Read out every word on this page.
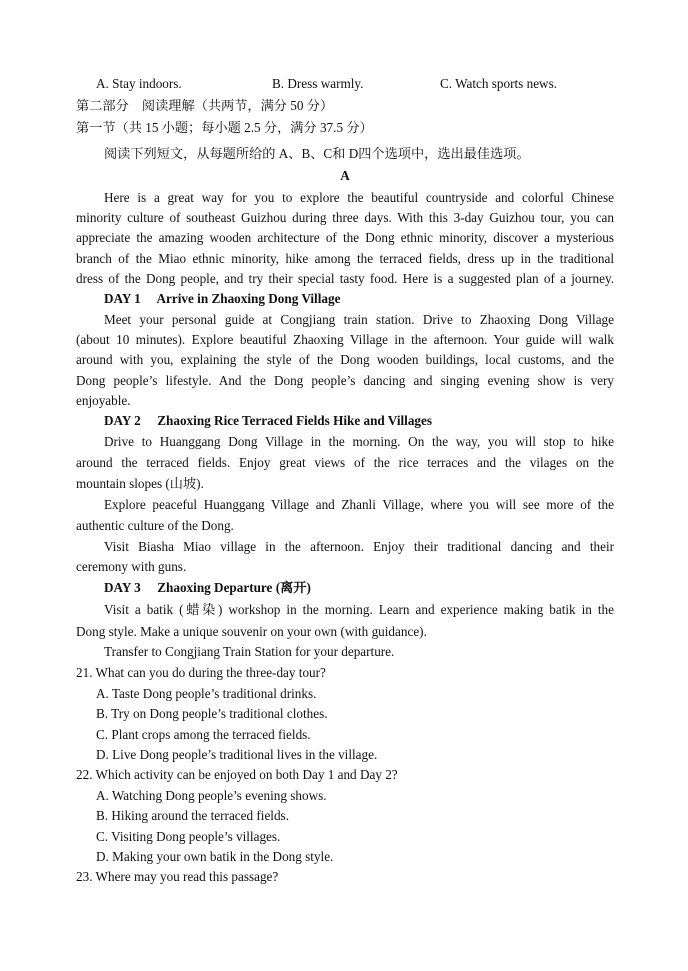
A. Stay indoors.	B. Dress warmly.	C. Watch sports news.
第二部分　阅读理解（共两节，满分 50 分）
第一节（共 15 小题；每小题 2.5 分，满分 37.5 分）
阅读下列短文，从每题所给的 A、B、C和 D四个选项中，选出最佳选项。
A
Here is a great way for you to explore the beautiful countryside and colorful Chinese
minority culture of southeast Guizhou during three days. With this 3-day Guizhou tour, you can
appreciate the amazing wooden architecture of the Dong ethnic minority, discover a mysterious
branch of the Miao ethnic minority, hike among the terraced fields, dress up in the traditional
dress of the Dong people, and try their special tasty food. Here is a suggested plan of a journey.
DAY 1　 Arrive in Zhaoxing Dong Village
Meet your personal guide at Congjiang train station. Drive to Zhaoxing Dong Village
(about 10 minutes). Explore beautiful Zhaoxing Village in the afternoon. Your guide will walk
around with you, explaining the style of the Dong wooden buildings, local customs, and the
Dong people’s lifestyle. And the Dong people’s dancing and singing evening show is very
enjoyable.
DAY 2　 Zhaoxing Rice Terraced Fields Hike and Villages
Drive to Huanggang Dong Village in the morning. On the way, you will stop to hike
around the terraced fields. Enjoy great views of the rice terraces and the vilages on the
mountain slopes (山坡).
Explore peaceful Huanggang Village and Zhanli Village, where you will see more of the
authentic culture of the Dong.
Visit Biasha Miao village in the afternoon. Enjoy their traditional dancing and their
ceremony with guns.
DAY 3　 Zhaoxing Departure (离开)
Visit a batik (蜡染) workshop in the morning. Learn and experience making batik in the
Dong style. Make a unique souvenir on your own (with guidance).
Transfer to Congjiang Train Station for your departure.
21. What can you do during the three-day tour?
A. Taste Dong people’s traditional drinks.
B. Try on Dong people’s traditional clothes.
C. Plant crops among the terraced fields.
D. Live Dong people’s traditional lives in the village.
22. Which activity can be enjoyed on both Day 1 and Day 2?
A. Watching Dong people’s evening shows.
B. Hiking around the terraced fields.
C. Visiting Dong people’s villages.
D. Making your own batik in the Dong style.
23. Where may you read this passage?
